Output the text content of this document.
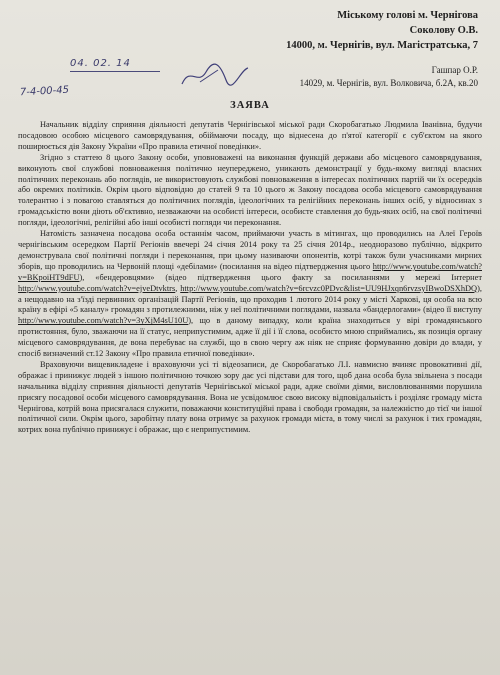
Міському голові м. Чернігова
Соколову О.В.
14000, м. Чернігів, вул. Магістратська, 7
04. 02. 14
7-4-00-45
Гашпар О.Р.
14029, м. Чернігів, вул. Волковича, б.2А, кв.20
ЗАЯВА

Начальник відділу сприяння діяльності депутатів Чернігівської міської ради Скоробагатько Людмила Іванівна, будучи посадовою особою місцевого самоврядування, обіймаючи посаду, що віднесена до п'ятої категорії є суб'єктом на якого поширюється дія Закону України «Про правила етичної поведінки».

Згідно з статтею 8 цього Закону особи, уповноважені на виконання функцій держави або місцевого самоврядування, виконують свої службові повноваження політично неупереджено, уникають демонстрації у будь-якому вигляді власних політичних переконань або поглядів, не використовують службові повноваження в інтересах політичних партій чи їх осередків або окремих політиків. Окрім цього відповідно до статей 9 та 10 цього ж Закону посадова особа місцевого самоврядування толерантно і з повагою ставляться до політичних поглядів, ідеологічних та релігійних переконань інших осіб, у відносинах з громадськістю вони діють об'єктивно, незважаючи на особисті інтереси, особисте ставлення до будь-яких осіб, на свої політичні погляди, ідеологічні, релігійні або інші особисті погляди чи переконання.

Натомість зазначена посадова особа останнім часом, приймаючи участь в мітингах, що проводились на Алеї Героїв чернігівським осередком Партії Регіонів ввечері 24 січня 2014 року та 25 січня 2014р., неодноразово публічно, відкрито демонструвала свої політичні погляди і переконання, при цьому називаючи опонентів, котрі також були учасниками мирних зборів, що проводились на Червоній площі «дебілами» (посилання на відео підтвердження цього http://www.youtube.com/watch?v=BKpoiHT9dFU), «бендеровцями» (відео підтвердження цього факту за посиланнями у мережі Інтернет http://www.youtube.com/watch?v=ejveDtvktrs, http://www.youtube.com/watch?v=6rcvzc0PDvc&list=UU9HJxqn6rvzsyIBwoDSXhDQ), а нещодавно на з'їзді первинних організацій Партії Регіонів, що проходив 1 лютого 2014 року у місті Харкові, ця особа на всю країну в ефірі «5 каналу» громадян з протилежними, ніж у неї політичними поглядами, назвала «бандерлогами» (відео її виступу http://www.youtube.com/watch?v=3yXjM4sU10U), що в даному випадку, коли країна знаходиться у вірі громадянського протистояння, було, зважаючи на її статус, неприпустимим, адже її дії і її слова, особисто мною сприймались, як позиція органу місцевого самоврядування, де вона перебуває на службі, що в свою чергу аж ніяк не сприяє формуванню довіри до влади, у спосіб визначений ст.12 Закону «Про правила етичної поведінки».

Враховуючи вищевикладене і враховуючи усі ті відеозаписи, де Скоробагатько Л.І. навмисно вчиняє провокативні дії, ображає і принижує людей з іншою політичною точкою зору дає усі підстави для того, щоб дана особа була звільнена з посади начальника відділу сприяння діяльності депутатів Чернігівської міської ради, адже своїми діями, висловлюваннями порушила присягу посадової особи місцевого самоврядування. Вона не усвідомлює свою високу відповідальність і розділяє громаду міста Чернігова, котрій вона присягалася служити, поважаючи конституційні права і свободи громадян, за належністю до тієї чи іншої політичної сили. Окрім цього, заробітну плату вона отримує за рахунок громади міста, в тому числі за рахунок і тих громадян, котрих вона публічно принижує і ображає, що є неприпустимим.
